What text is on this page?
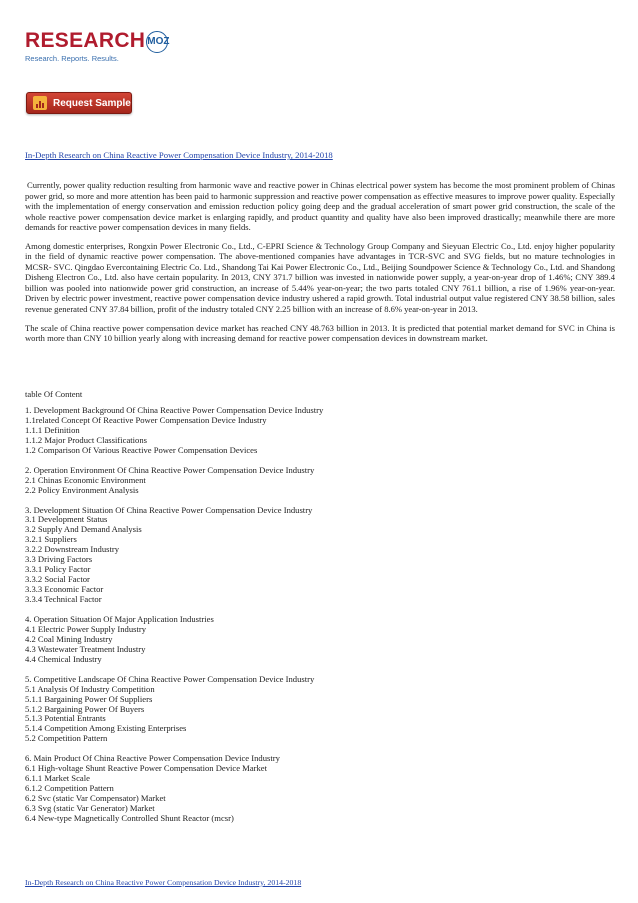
RESEARCH MOZ
Research. Reports. Results.
Request Sample
In-Depth Research on China Reactive Power Compensation Device Industry, 2014-2018

Currently, power quality reduction resulting from harmonic wave and reactive power in Chinas electrical power system has become the most prominent problem of Chinas power grid, so more and more attention has been paid to harmonic suppression and reactive power compensation as effective measures to improve power quality. Especially with the implementation of energy conservation and emission reduction policy going deep and the gradual acceleration of smart power grid construction, the scale of the whole reactive power compensation device market is enlarging rapidly, and product quantity and quality have also been improved drastically; meanwhile there are more demands for reactive power compensation devices in many fields.

Among domestic enterprises, Rongxin Power Electronic Co., Ltd., C-EPRI Science & Technology Group Company and Sieyuan Electric Co., Ltd. enjoy higher popularity in the field of dynamic reactive power compensation. The above-mentioned companies have advantages in TCR-SVC and SVG fields, but no mature technologies in MCSR- SVC. Qingdao Evercontaining Electric Co. Ltd., Shandong Tai Kai Power Electronic Co., Ltd., Beijing Soundpower Science & Technology Co., Ltd. and Shandong Disheng Electron Co., Ltd. also have certain popularity. In 2013, CNY 371.7 billion was invested in nationwide power supply, a year-on-year drop of 1.46%; CNY 389.4 billion was pooled into nationwide power grid construction, an increase of 5.44% year-on-year; the two parts totaled CNY 761.1 billion, a rise of 1.96% year-on-year. Driven by electric power investment, reactive power compensation device industry ushered a rapid growth. Total industrial output value registered CNY 38.58 billion, sales revenue generated CNY 37.84 billion, profit of the industry totaled CNY 2.25 billion with an increase of 8.6% year-on-year in 2013.

The scale of China reactive power compensation device market has reached CNY 48.763 billion in 2013. It is predicted that potential market demand for SVC in China is worth more than CNY 10 billion yearly along with increasing demand for reactive power compensation devices in downstream market.

table Of Content
1. Development Background Of China Reactive Power Compensation Device Industry
1.1related Concept Of Reactive Power Compensation Device Industry
1.1.1 Definition
1.1.2 Major Product Classifications
1.2 Comparison Of Various Reactive Power Compensation Devices
2. Operation Environment Of China Reactive Power Compensation Device Industry
2.1 Chinas Economic Environment
2.2 Policy Environment Analysis
3. Development Situation Of China Reactive Power Compensation Device Industry
3.1 Development Status
3.2 Supply And Demand Analysis
3.2.1 Suppliers
3.2.2 Downstream Industry
3.3 Driving Factors
3.3.1 Policy Factor
3.3.2 Social Factor
3.3.3 Economic Factor
3.3.4 Technical Factor
4. Operation Situation Of Major Application Industries
4.1 Electric Power Supply Industry
4.2 Coal Mining Industry
4.3 Wastewater Treatment Industry
4.4 Chemical Industry
5. Competitive Landscape Of China Reactive Power Compensation Device Industry
5.1 Analysis Of Industry Competition
5.1.1 Bargaining Power Of Suppliers
5.1.2 Bargaining Power Of Buyers
5.1.3 Potential Entrants
5.1.4 Competition Among Existing Enterprises
5.2 Competition Pattern
6. Main Product Of China Reactive Power Compensation Device Industry
6.1 High-voltage Shunt Reactive Power Compensation Device Market
6.1.1 Market Scale
6.1.2 Competition Pattern
6.2 Svc (static Var Compensator) Market
6.3 Svg (static Var Generator) Market
6.4 New-type Magnetically Controlled Shunt Reactor (mcsr)
In-Depth Research on China Reactive Power Compensation Device Industry, 2014-2018
